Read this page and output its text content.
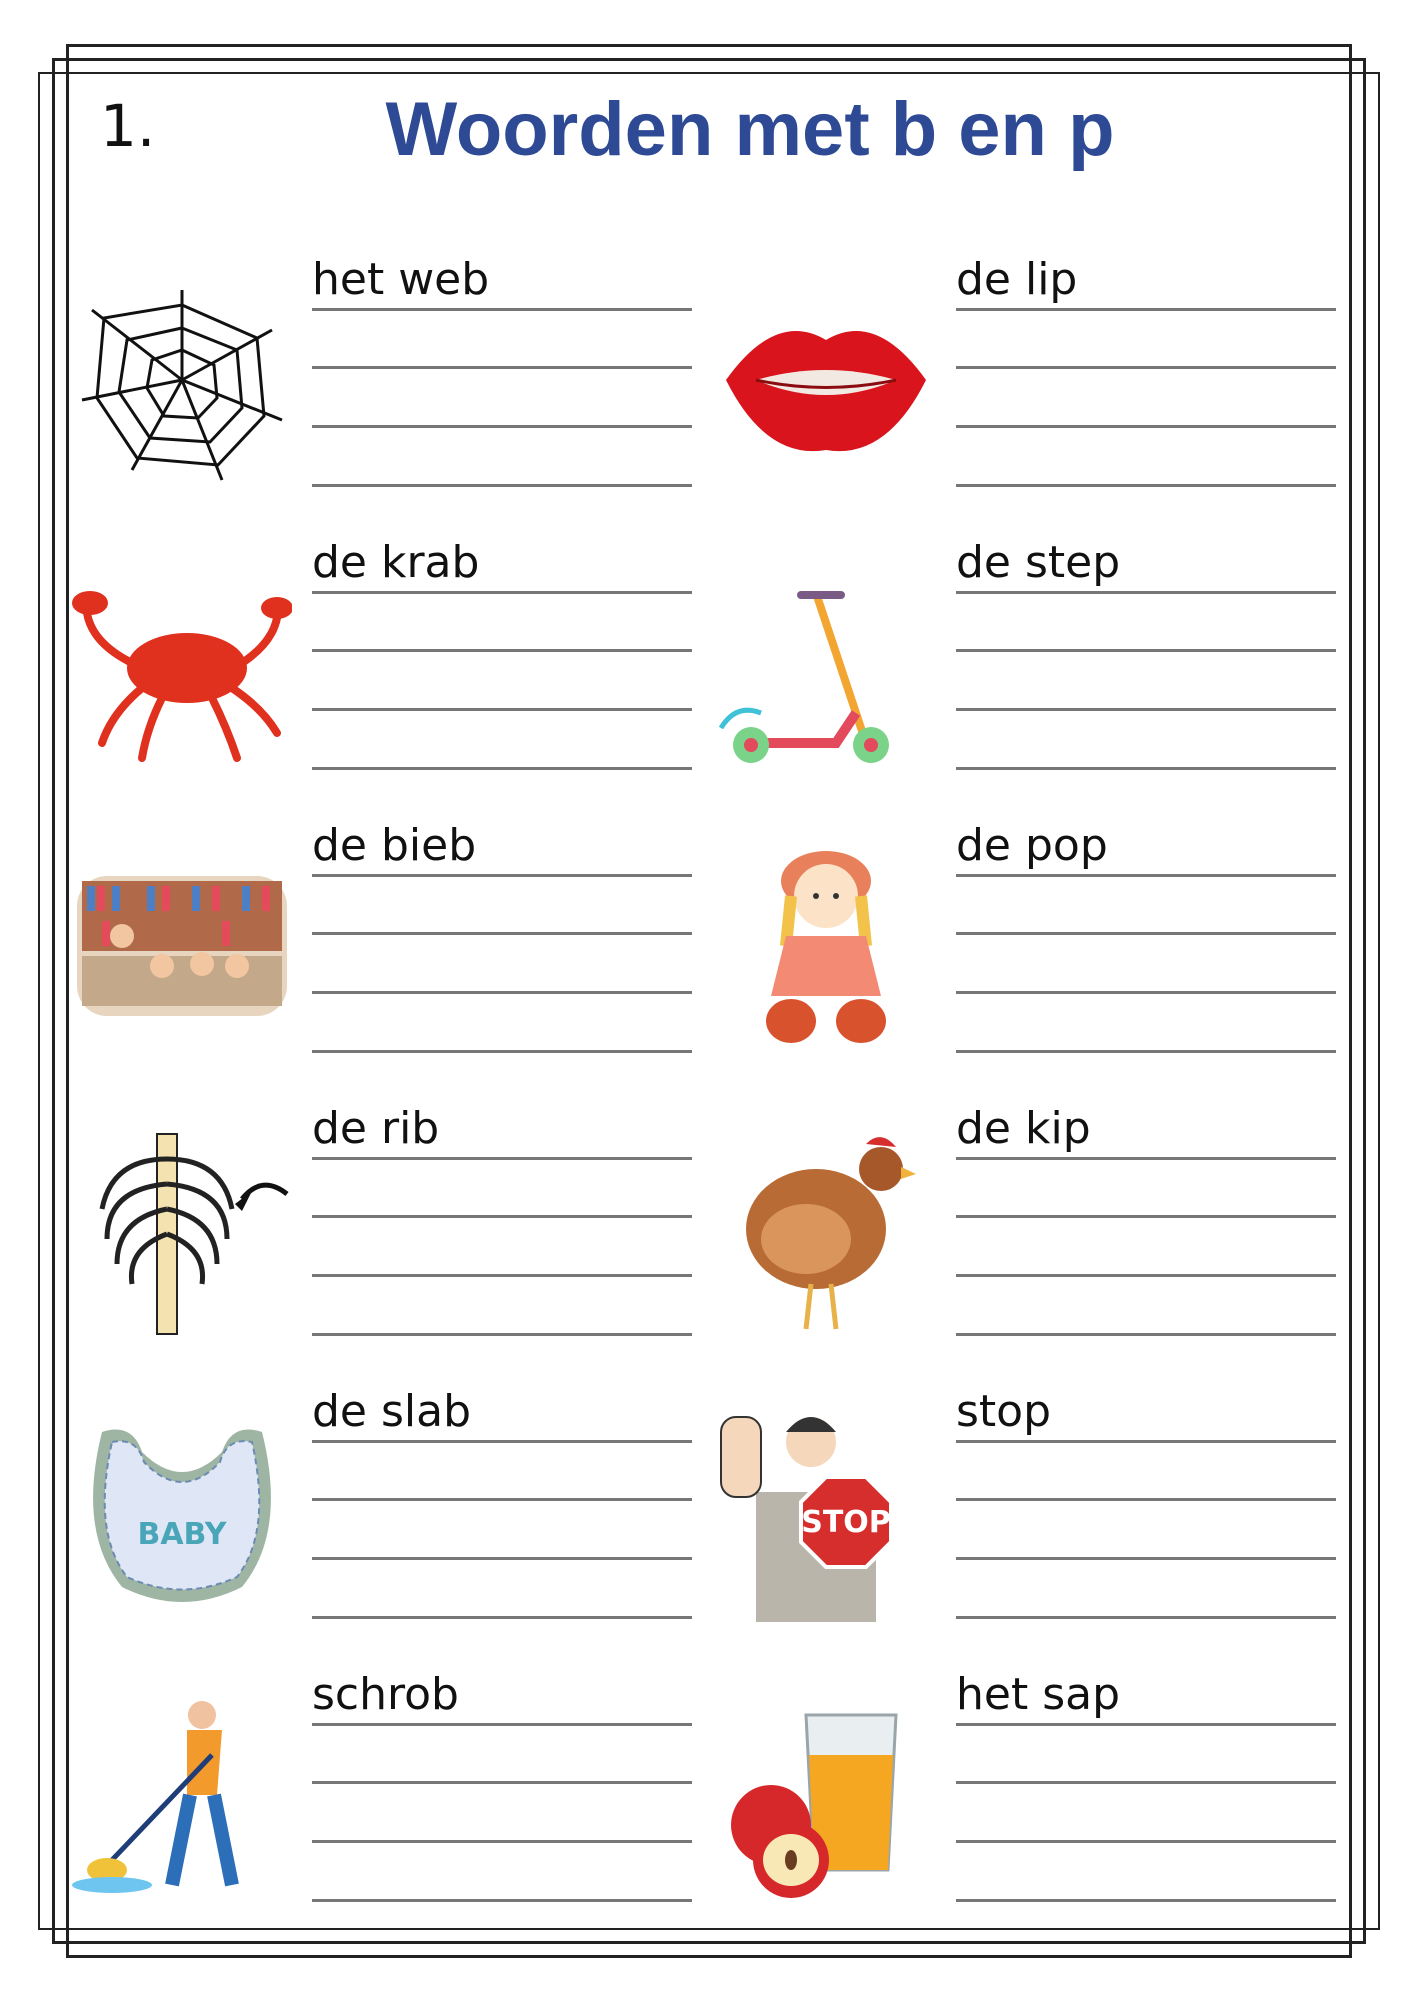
1.	Woorden met b en p
het web	de lip
de krab	de step
de bieb	de pop
de rib	de kip
BABY
de slab
STOP
stop
schrob	het sap
